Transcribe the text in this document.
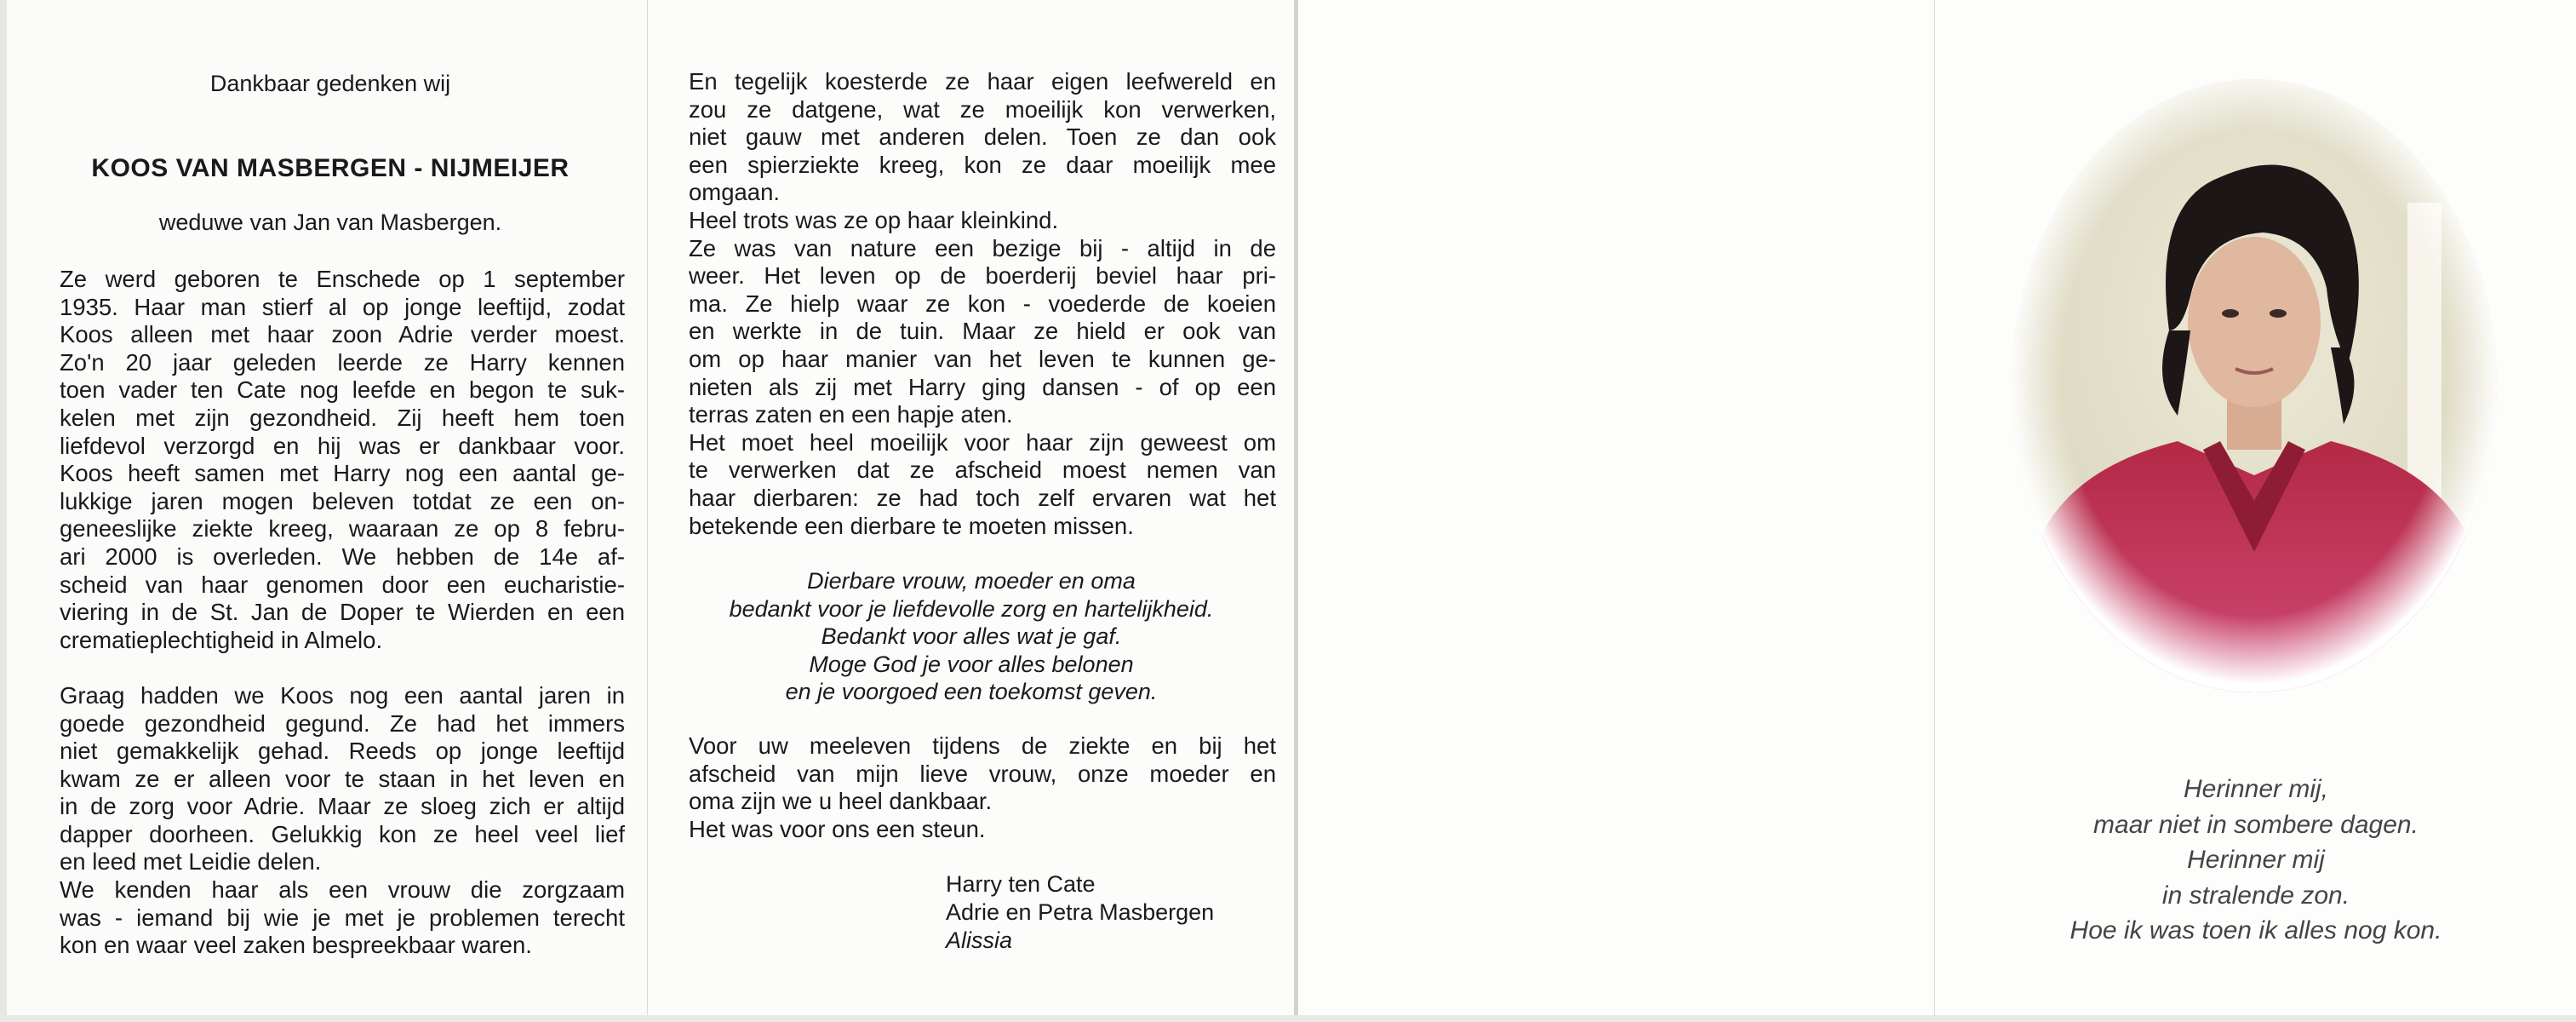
Dankbaar gedenken wij
KOOS VAN MASBERGEN - NIJMEIJER
weduwe van Jan van Masbergen.
Ze werd geboren te Enschede op 1 september
1935. Haar man stierf al op jonge leeftijd, zodat
Koos alleen met haar zoon Adrie verder moest.
Zo'n 20 jaar geleden leerde ze Harry kennen
toen vader ten Cate nog leefde en begon te suk-
kelen met zijn gezondheid. Zij heeft hem toen
liefdevol verzorgd en hij was er dankbaar voor.
Koos heeft samen met Harry nog een aantal ge-
lukkige jaren mogen beleven totdat ze een on-
geneeslijke ziekte kreeg, waaraan ze op 8 febru-
ari 2000 is overleden. We hebben de 14e af-
scheid van haar genomen door een eucharistie-
viering in de St. Jan de Doper te Wierden en een
crematieplechtigheid in Almelo.
Graag hadden we Koos nog een aantal jaren in
goede gezondheid gegund. Ze had het immers
niet gemakkelijk gehad. Reeds op jonge leeftijd
kwam ze er alleen voor te staan in het leven en
in de zorg voor Adrie. Maar ze sloeg zich er altijd
dapper doorheen. Gelukkig kon ze heel veel lief
en leed met Leidie delen.
We kenden haar als een vrouw die zorgzaam
was - iemand bij wie je met je problemen terecht
kon en waar veel zaken bespreekbaar waren.
En tegelijk koesterde ze haar eigen leefwereld en
zou ze datgene, wat ze moeilijk kon verwerken,
niet gauw met anderen delen. Toen ze dan ook
een spierziekte kreeg, kon ze daar moeilijk mee
omgaan.
Heel trots was ze op haar kleinkind.
Ze was van nature een bezige bij - altijd in de
weer. Het leven op de boerderij beviel haar pri-
ma. Ze hielp waar ze kon - voederde de koeien
en werkte in de tuin. Maar ze hield er ook van
om op haar manier van het leven te kunnen ge-
nieten als zij met Harry ging dansen - of op een
terras zaten en een hapje aten.
Het moet heel moeilijk voor haar zijn geweest om
te verwerken dat ze afscheid moest nemen van
haar dierbaren: ze had toch zelf ervaren wat het
betekende een dierbare te moeten missen.
Dierbare vrouw, moeder en oma
bedankt voor je liefdevolle zorg en hartelijkheid.
Bedankt voor alles wat je gaf.
Moge God je voor alles belonen
en je voorgoed een toekomst geven.
Voor uw meeleven tijdens de ziekte en bij het
afscheid van mijn lieve vrouw, onze moeder en
oma zijn we u heel dankbaar.
Het was voor ons een steun.
Harry ten Cate
Adrie en Petra Masbergen
Alissia
Herinner mij,
maar niet in sombere dagen.
Herinner mij
in stralende zon.
Hoe ik was toen ik alles nog kon.
